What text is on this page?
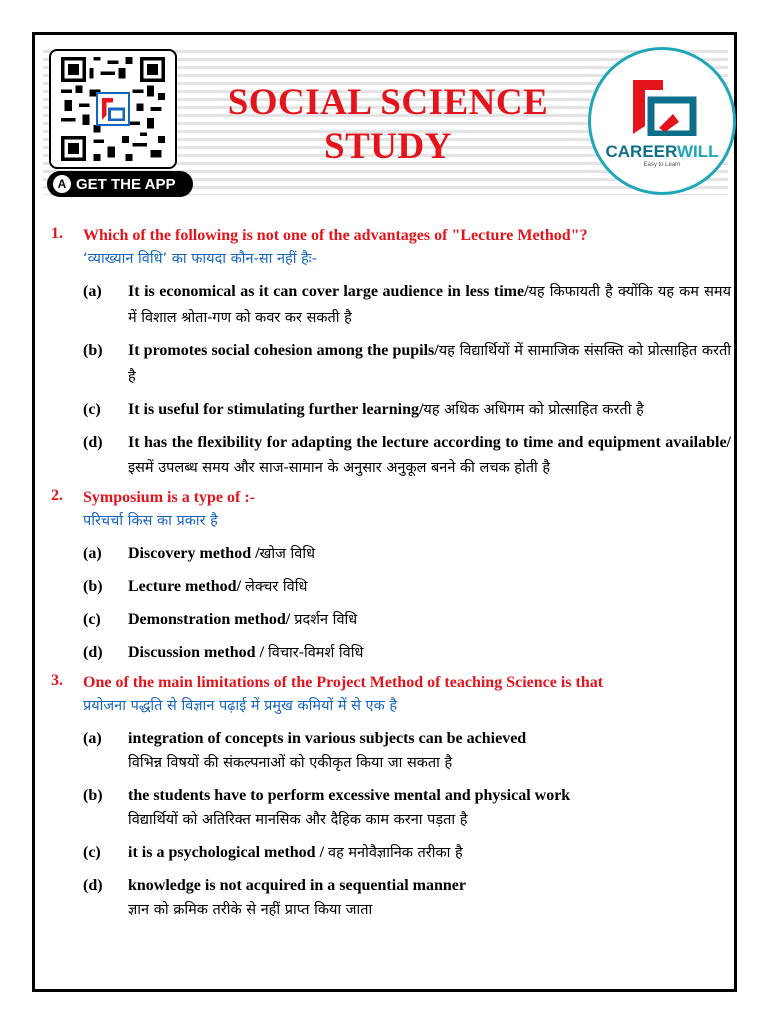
A GET THE APP
SOCIAL SCIENCE
STUDY	CAREERWILL
Easy to Learn
1. Which of the following is not one of the advantages of "Lecture Method"?
‘व्याख्यान विधि’ का फायदा कौन-सा नहीं हैः-
(a) It is economical as it can cover large audience in less time/यह किफायती है क्योंकि यह कम समय में विशाल श्रोता-गण को कवर कर सकती है
(b) It promotes social cohesion among the pupils/यह विद्यार्थियों में सामाजिक संसक्ति को प्रोत्साहित करती है
(c) It is useful for stimulating further learning/यह अधिक अधिगम को प्रोत्साहित करती है
(d) It has the flexibility for adapting the lecture according to time and equipment available/इसमें उपलब्ध समय और साज-सामान के अनुसार अनुकूल बनने की लचक होती है
2. Symposium is a type of :-
परिचर्चा किस का प्रकार है
(a) Discovery method /खोज विधि
(b) Lecture method/ लेक्चर विधि
(c) Demonstration method/ प्रदर्शन विधि
(d) Discussion method / विचार-विमर्श विधि
3. One of the main limitations of the Project Method of teaching Science is that
प्रयोजना पद्धति से विज्ञान पढ़ाई में प्रमुख कमियों में से एक है
(a) integration of concepts in various subjects can be achieved
विभिन्न विषयों की संकल्पनाओं को एकीकृत किया जा सकता है
(b) the students have to perform excessive mental and physical work
विद्यार्थियों को अतिरिक्त मानसिक और दैहिक काम करना पड़ता है
(c) it is a psychological method / वह मनोवैज्ञानिक तरीका है
(d) knowledge is not acquired in a sequential manner
ज्ञान को क्रमिक तरीके से नहीं प्राप्त किया जाता
